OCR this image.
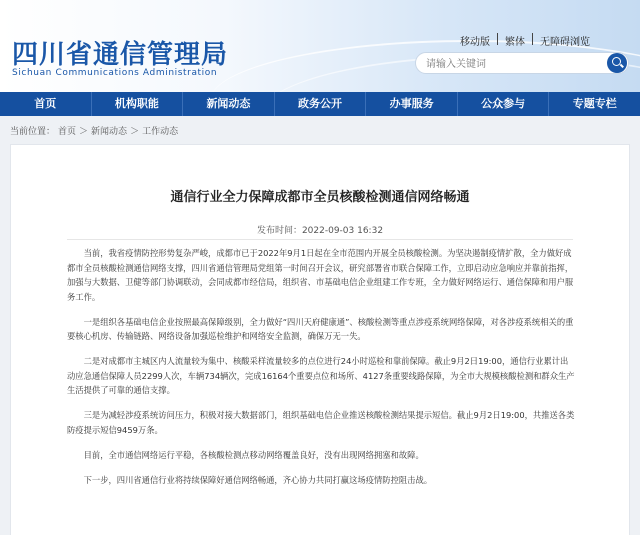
四川省通信管理局
Sichuan Communications Administration
移动版	繁体	无障碍浏览
请输入关键词
首页	机构职能	新闻动态	政务公开	办事服务	公众参与	专题专栏
当前位置： 首页 ＞ 新闻动态 ＞ 工作动态
通信行业全力保障成都市全员核酸检测通信网络畅通
发布时间：2022-09-03 16:32

当前，我省疫情防控形势复杂严峻，成都市已于2022年9月1日起在全市范围内开展全员核酸检测。为坚决遏制疫情扩散，全力做好成都市全员核酸检测通信网络支撑，四川省通信管理局党组第一时间召开会议，研究部署省市联合保障工作，立即启动应急响应并靠前指挥，加强与大数据、卫健等部门协调联动，会同成都市经信局，组织省、市基础电信企业组建工作专班，全力做好网络运行、通信保障和用户服务工作。

一是组织各基础电信企业按照最高保障级别，全力做好“四川天府健康通”、核酸检测等重点涉疫系统网络保障，对各涉疫系统相关的重要核心机房、传输链路、网络设备加强巡检维护和网络安全监测，确保万无一失。

二是对成都市主城区内人流量较为集中、核酸采样流量较多的点位进行24小时巡检和靠前保障。截止9月2日19:00，通信行业累计出动应急通信保障人员2299人次，车辆734辆次，完成16164个重要点位和场所、4127条重要线路保障，为全市大规模核酸检测和群众生产生活提供了可靠的通信支撑。

三是为减轻涉疫系统访问压力，积极对接大数据部门，组织基础电信企业推送核酸检测结果提示短信。截止9月2日19:00，共推送各类防疫提示短信9459万条。

目前，全市通信网络运行平稳，各核酸检测点移动网络覆盖良好，没有出现网络拥塞和故障。

下一步，四川省通信行业将持续保障好通信网络畅通，齐心协力共同打赢这场疫情防控阻击战。
